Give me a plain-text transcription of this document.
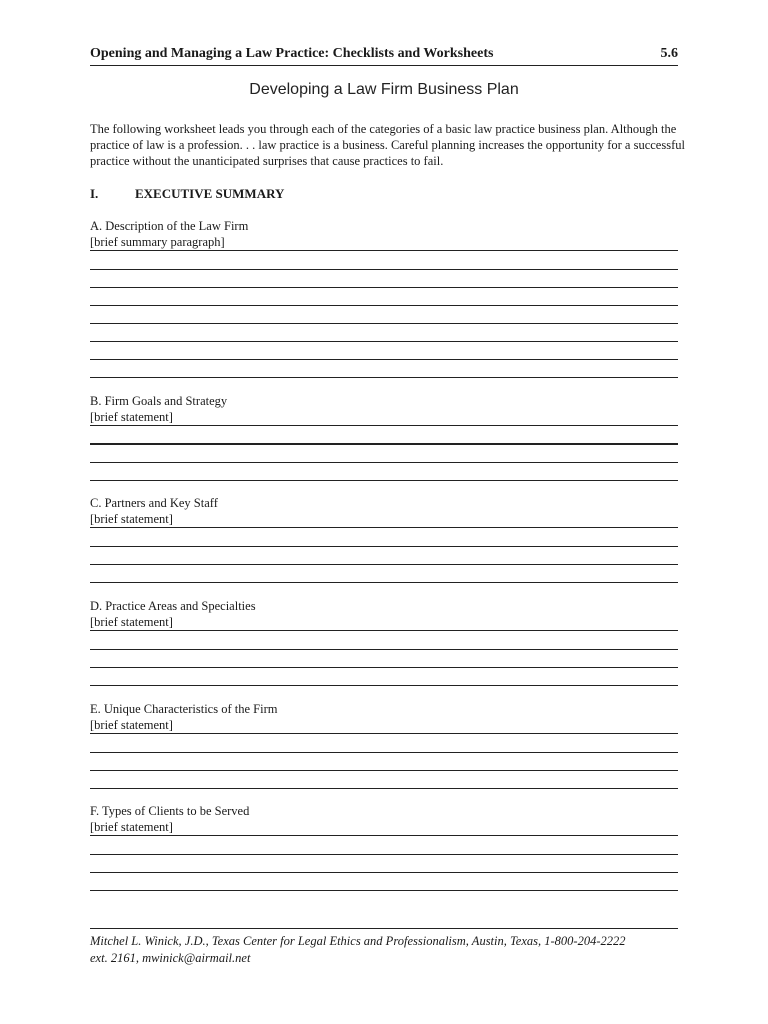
Opening and Managing a Law Practice: Checklists and Worksheets	5.6
Developing a Law Firm Business Plan

The following worksheet leads you through each of the categories of a basic law practice business plan. Although the practice of law is a profession. . . law practice is a business. Careful planning increases the opportunity for a successful practice without the unanticipated surprises that cause practices to fail.

I.	EXECUTIVE SUMMARY
A. Description of the Law Firm
[brief summary paragraph]
B. Firm Goals and Strategy
[brief statement]
C. Partners and Key Staff
[brief statement]
D. Practice Areas and Specialties
[brief statement]
E. Unique Characteristics of the Firm
[brief statement]
F. Types of Clients to be Served
[brief statement]
Mitchel L. Winick, J.D., Texas Center for Legal Ethics and Professionalism, Austin, Texas, 1-800-204-2222
ext. 2161, mwinick@airmail.net
